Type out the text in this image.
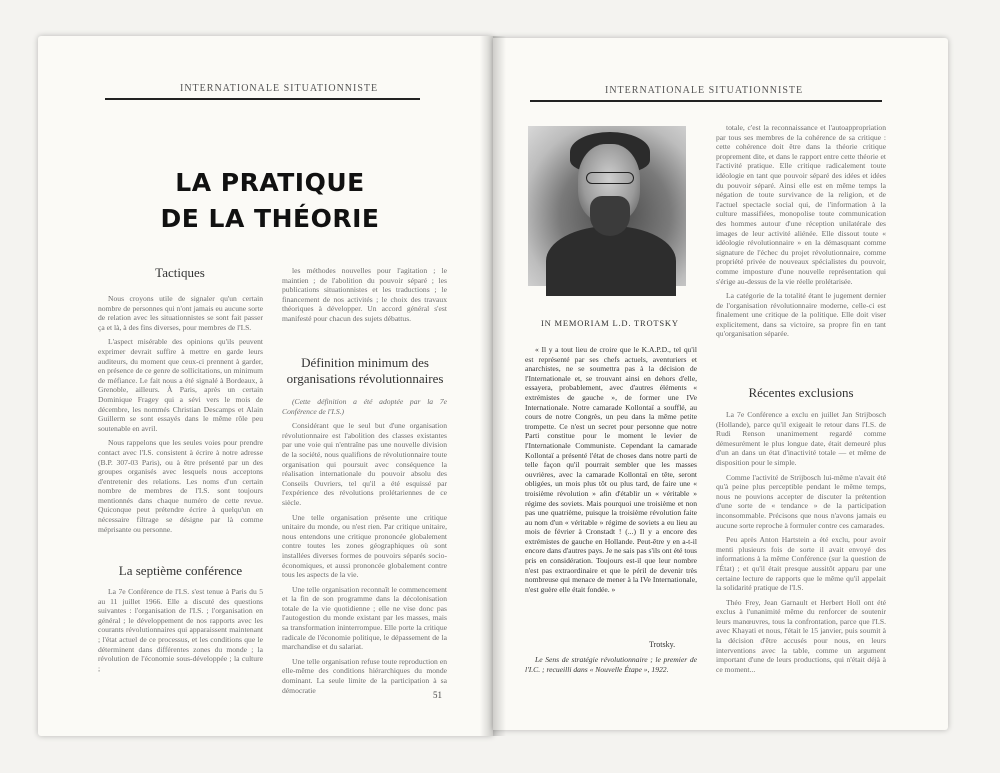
INTERNATIONALE SITUATIONNISTE
LA PRATIQUE
DE LA THÉORIE
Tactiques

Nous croyons utile de signaler qu'un certain nombre de personnes qui n'ont jamais eu aucune sorte de relation avec les situationnistes se sont fait passer ça et là, à des fins diverses, pour membres de l'I.S.

L'aspect misérable des opinions qu'ils peuvent exprimer devrait suffire à mettre en garde leurs auditeurs, du moment que ceux-ci prennent à garder, en présence de ce genre de sollicitations, un minimum de méfiance. Le fait nous a été signalé à Bordeaux, à Grenoble, ailleurs. À Paris, après un certain Dominique Fragey qui a sévi vers le mois de décembre, les nommés Christian Descamps et Alain Guillerm se sont essayés dans le même rôle peu soutenable en avril.

Nous rappelons que les seules voies pour prendre contact avec l'I.S. consistent à écrire à notre adresse (B.P. 307-03 Paris), ou à être présenté par un des groupes organisés avec lesquels nous acceptons d'entretenir des relations. Les noms d'un certain nombre de membres de l'I.S. sont toujours mentionnés dans chaque numéro de cette revue. Quiconque peut prétendre écrire à quelqu'un en nécessaire filtrage se désigne par là comme méprisante ou personne.

La septième conférence

La 7e Conférence de l'I.S. s'est tenue à Paris du 5 au 11 juillet 1966. Elle a discuté des questions suivantes : l'organisation de l'I.S. ; l'organisation en général ; le développement de nos rapports avec les courants révolutionnaires qui apparaissent maintenant ; l'état actuel de ce processus, et les conditions que le déterminent dans différentes zones du monde ; la révolution de l'économie sous-développée ; la culture ;

les méthodes nouvelles pour l'agitation ; le maintien ; de l'abolition du pouvoir séparé ; les publications situationnistes et les traductions ; le financement de nos activités ; le choix des travaux théoriques à développer. Un accord général s'est manifesté pour chacun des sujets débattus.

Définition minimum des
organisations révolutionnaires

(Cette définition a été adoptée par la 7e Conférence de l'I.S.)

Considérant que le seul but d'une organisation révolutionnaire est l'abolition des classes existantes par une voie qui n'entraîne pas une nouvelle division de la société, nous qualifions de révolutionnaire toute organisation qui poursuit avec conséquence la réalisation internationale du pouvoir absolu des Conseils Ouvriers, tel qu'il a été esquissé par l'expérience des révolutions prolétariennes de ce siècle.

Une telle organisation présente une critique unitaire du monde, ou n'est rien. Par critique unitaire, nous entendons une critique prononcée globalement contre toutes les zones géographiques où sont installées diverses formes de pouvoirs séparés socio-économiques, et aussi prononcée globalement contre tous les aspects de la vie.

Une telle organisation reconnaît le commencement et la fin de son programme dans la décolonisation totale de la vie quotidienne ; elle ne vise donc pas l'autogestion du monde existant par les masses, mais sa transformation ininterrompue. Elle porte la critique radicale de l'économie politique, le dépassement de la marchandise et du salariat.

Une telle organisation refuse toute reproduction en elle-même des conditions hiérarchiques du monde dominant. La seule limite de la participation à sa démocratie	51
INTERNATIONALE SITUATIONNISTE
IN MEMORIAM L.D. TROTSKY

« Il y a tout lieu de croire que le K.A.P.D., tel qu'il est représenté par ses chefs actuels, aventuriers et anarchistes, ne se soumettra pas à la décision de l'Internationale et, se trouvant ainsi en dehors d'elle, essayera, probablement, avec d'autres éléments « extrémistes de gauche », de former une IVe Internationale. Notre camarade Kollontaï a soufflé, au cours de notre Congrès, un peu dans la même petite trompette. Ce n'est un secret pour personne que notre Parti constitue pour le moment le levier de l'Internationale Communiste. Cependant la camarade Kollontaï a présenté l'état de choses dans notre parti de telle façon qu'il pourrait sembler que les masses ouvrières, avec la camarade Kollontaï en tête, seront obligées, un mois plus tôt ou plus tard, de faire une « troisième révolution » afin d'établir un « véritable » régime des soviets. Mais pourquoi une troisième et non pas une quatrième, puisque la troisième révolution faite au nom d'un « véritable » régime de soviets a eu lieu au mois de février à Cronstadt ! (...) Il y a encore des extrémistes de gauche en Hollande. Peut-être y en a-t-il encore dans d'autres pays. Je ne sais pas s'ils ont été tous pris en considération. Toujours est-il que leur nombre n'est pas extraordinaire et que le péril de devenir très nombreuse qui menace de mener à la IVe Internationale, n'est guère elle était fondée. »

Trotsky.

Le Sens de stratégie révolutionnaire ; le premier de l'I.C. ; recueilli dans « Nouvelle Étape », 1922.

totale, c'est la reconnaissance et l'autoappropriation par tous ses membres de la cohérence de sa critique : cette cohérence doit être dans la théorie critique proprement dite, et dans le rapport entre cette théorie et l'activité pratique. Elle critique radicalement toute idéologie en tant que pouvoir séparé des idées et idées du pouvoir séparé. Ainsi elle est en même temps la négation de toute survivance de la religion, et de l'actuel spectacle social qui, de l'information à la culture massifiées, monopolise toute communication des hommes autour d'une réception unilatérale des images de leur activité aliénée. Elle dissout toute « idéologie révolutionnaire » en la démasquant comme signature de l'échec du projet révolutionnaire, comme propriété privée de nouveaux spécialistes du pouvoir, comme imposture d'une nouvelle représentation qui s'érige au-dessus de la vie réelle prolétarisée.

La catégorie de la totalité étant le jugement dernier de l'organisation révolutionnaire moderne, celle-ci est finalement une critique de la politique. Elle doit viser explicitement, dans sa victoire, sa propre fin en tant qu'organisation séparée.

Récentes exclusions

La 7e Conférence a exclu en juillet Jan Strijbosch (Hollande), parce qu'il exigeait le retour dans l'I.S. de Rudi Renson unanimement regardé comme démesurément le plus longue date, était demeuré plus d'un an dans un état d'inactivité totale — et même de disposition pour le simple.

Comme l'activité de Strijbosch lui-même n'avait été qu'à peine plus perceptible pendant le même temps, nous ne pouvions accepter de discuter la prétention d'une sorte de « tendance » de la participation inconsommable. Précisons que nous n'avons jamais eu aucune sorte reproche à formuler contre ces camarades.

Peu après Anton Hartstein a été exclu, pour avoir menti plusieurs fois de sorte il avait envoyé des informations à la même Conférence (sur la question de l'État) ; et qu'il était presque aussitôt apparu par une certaine lecture de rapports que le même qu'il appelait la solidarité pratique de l'I.S.

Théo Frey, Jean Garnault et Herbert Holl ont été exclus à l'unanimité même du renforcer de soutenir leurs manœuvres, tous la confrontation, parce que l'I.S. avec Khayati et nous, l'était le 15 janvier, puis soumit à la décision d'être accusés pour nous, en leurs interventions avec la table, comme un argument important d'une de leurs productions, qui n'était déjà à ce moment...
